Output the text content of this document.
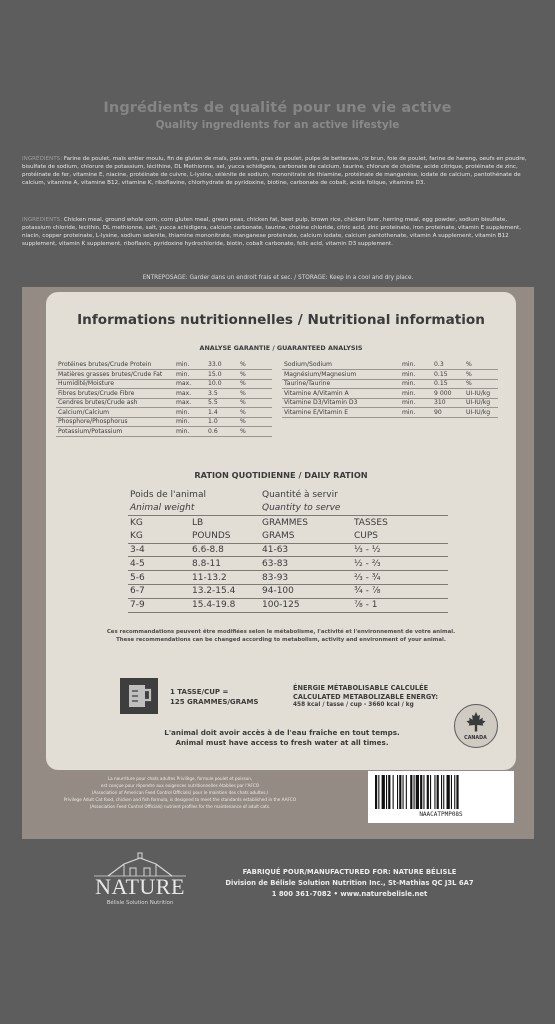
Ingrédients de qualité pour une vie active
Quality ingredients for an active lifestyle

INGRÉDIENTS: Farine de poulet, maïs entier moulu, fin de gluten de maïs, pois verts, gras de poulet, pulpe de betterave, riz brun, foie de poulet, farine de hareng, oeufs en poudre, bisulfate de sodium, chlorure de potassium, lécithine, DL Methionne, sel, yucca schidigera, carbonate de calcium, taurine, chlorure de choline, acide citrique, protéinate de zinc, protéinate de fer, vitamine E, niacine, protéinate de cuivre, L-lysine, sélénite de sodium, mononitrate de thiamine, protéinate de manganèse, iodate de calcium, pantothénate de calcium, vitamine A, vitamine B12, vitamine K, riboflavine, chlorhydrate de pyridoxine, biotine, carbonate de cobalt, acide folique, vitamine D3.

INGREDIENTS: Chicken meal, ground whole corn, corn gluten meal, green peas, chicken fat, beet pulp, brown rice, chicken liver, herring meal, egg powder, sodium bisulfate, potassium chloride, lecithin, DL methionne, salt, yucca schidigera, calcium carbonate, taurine, choline chloride, citric acid, zinc proteinate, iron proteinate, vitamin E supplement, niacin, copper proteinate, L-lysine, sodium selenite, thiamine mononitrate, manganese proteinate, calcium iodate, calcium pantothenate, vitamin A supplement, vitamin B12 supplement, vitamin K supplement, riboflavin, pyridoxine hydrochloride, biotin, cobalt carbonate, folic acid, vitamin D3 supplement.

ENTREPOSAGE: Garder dans un endroit frais et sec. / STORAGE: Keep in a cool and dry place.
Informations nutritionnelles / Nutritional information
ANALYSE GARANTIE / GUARANTEED ANALYSIS
Protéines brutes/Crude Protein	min.	33.0	%
Matières grasses brutes/Crude Fat	min.	15.0	%
Humidité/Moisture	max.	10.0	%
Fibres brutes/Crude Fibre	max.	3.5	%
Cendres brutes/Crude ash	max.	5.5	%
Calcium/Calcium	min.	1.4	%
Phosphore/Phosphorus	min.	1.0	%
Potassium/Potassium	min.	0.6	%
Sodium/Sodium	min.	0.3	%
Magnésium/Magnesium	min.	0.15	%
Taurine/Taurine	min.	0.15	%
Vitamine A/Vitamin A	min.	9 000	UI-IU/kg
Vitamine D3/Vitamin D3	min.	310	UI-IU/kg
Vitamine E/Vitamin E	min.	90	UI-IU/kg
RATION QUOTIDIENNE / DAILY RATION
Poids de l'animal		Quantité à servir	
Animal weight		Quantity to serve	
KG	LB	GRAMMES	TASSES
KG	POUNDS	GRAMS	CUPS
3-4	6.6-8.8	41-63	⅓ - ½
4-5	8.8-11	63-83	½ - ⅔
5-6	11-13.2	83-93	⅔ - ¾
6-7	13.2-15.4	94-100	¾ - ⅞
7-9	15.4-19.8	100-125	⅞ - 1
Ces recommandations peuvent être modifiées selon le métabolisme, l'activité et l'environnement de votre animal.
These recommendations can be changed according to metabolism, activity and environment of your animal.
1 TASSE/CUP =
125 GRAMMES/GRAMS
ÉNERGIE MÉTABOLISABLE CALCULÉE
CALCULATED METABOLIZABLE ENERGY:
458 kcal / tasse / cup - 3660 kcal / kg
L'animal doit avoir accès à de l'eau fraîche en tout temps.
Animal must have access to fresh water at all times.	CANADA
La nourriture pour chats adultes Privilège, formule poulet et poisson,
est conçue pour répondre aux exigences nutritionnelles établies par l'AFCO
(Association of American Feed Control Officials) pour le maintien des chats adultes./
Privilege Adult Cat food, chicken and fish formula, is designed to meet the standards established in the AAFCO
(Association Feed Control Officials) nutrient profiles for the maintenance of adult cats.
NAACATPMP08S
NATURE
Bélisle Solution Nutrition
FABRIQUÉ POUR/MANUFACTURED FOR: NATURE BÉLISLE
Division de Bélisle Solution Nutrition Inc., St-Mathias QC J3L 6A7
1 800 361-7082 • www.naturebelisle.net
